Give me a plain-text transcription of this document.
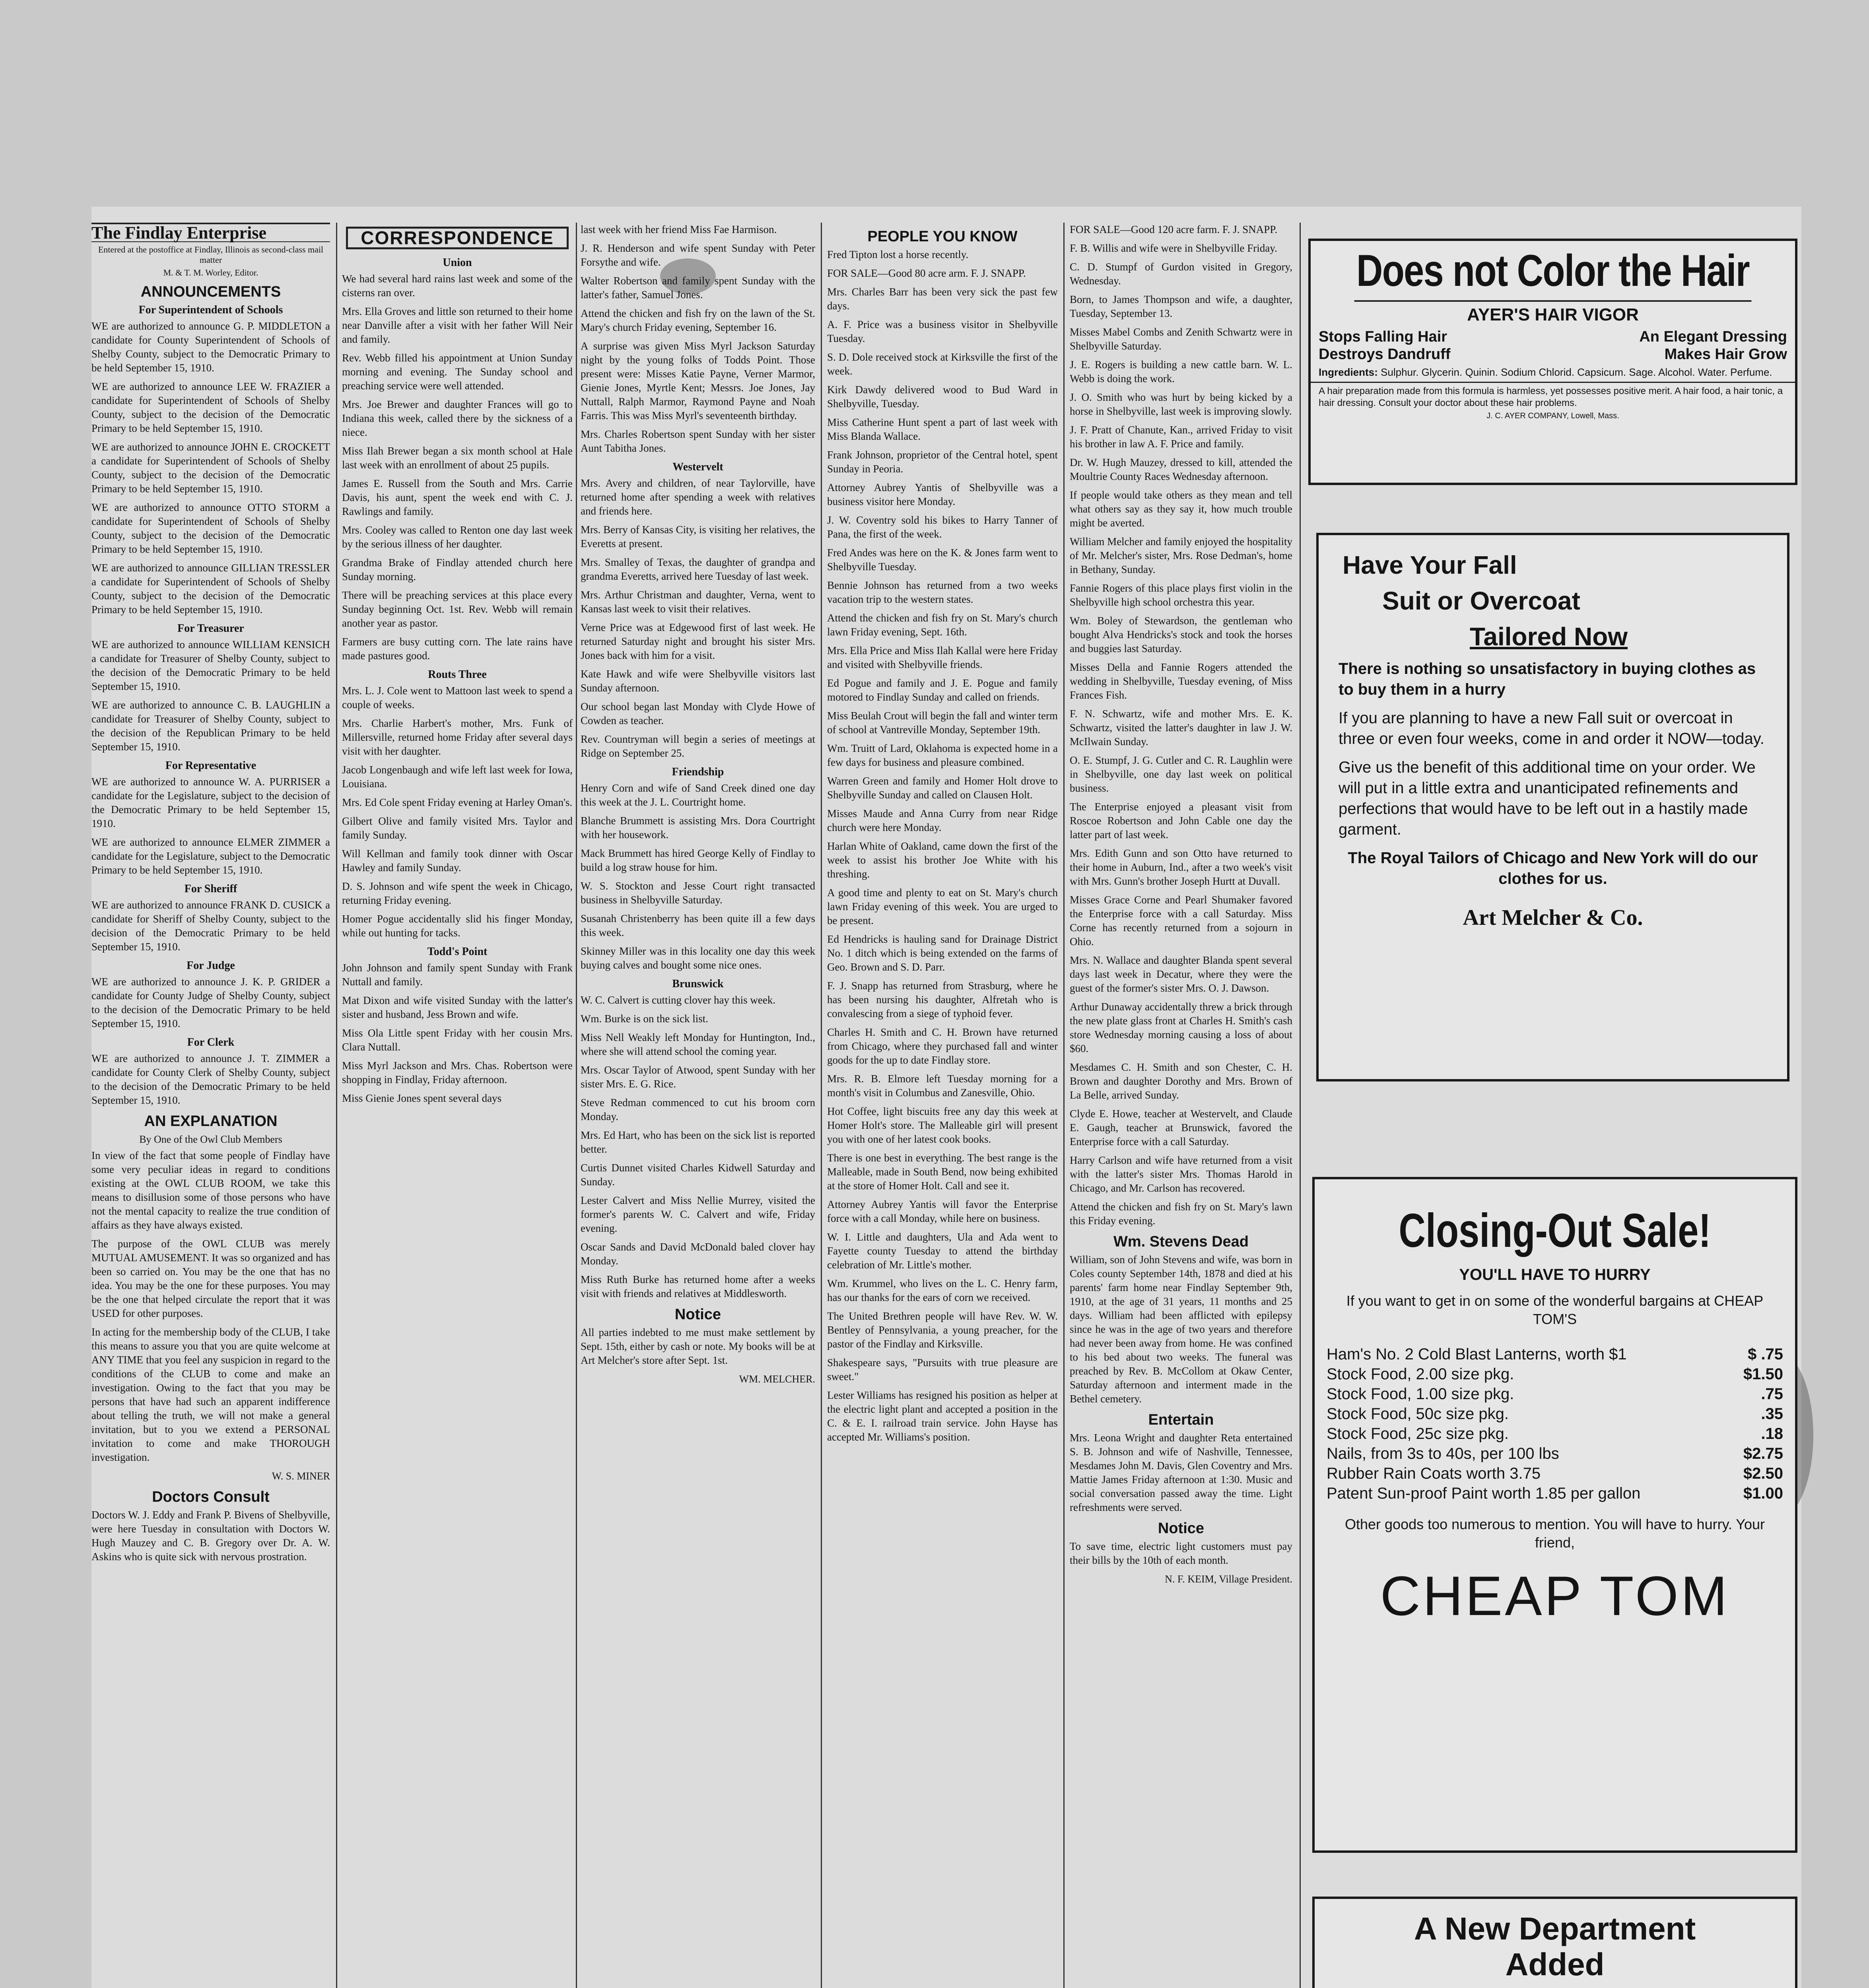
The Findlay Enterprise
Entered at the postoffice at Findlay, Illinois as second-class mail matter
M. & T. M. Worley, Editor.
ANNOUNCEMENTS
For Superintendent of Schools

WE are authorized to announce G. P. MIDDLETON a candidate for County Superintendent of Schools of Shelby County, subject to the Democratic Primary to be held September 15, 1910.

WE are authorized to announce LEE W. FRAZIER a candidate for Superintendent of Schools of Shelby County, subject to the decision of the Democratic Primary to be held September 15, 1910.

WE are authorized to announce JOHN E. CROCKETT a candidate for Superintendent of Schools of Shelby County, subject to the decision of the Democratic Primary to be held September 15, 1910.

WE are authorized to announce OTTO STORM a candidate for Superintendent of Schools of Shelby County, subject to the decision of the Democratic Primary to be held September 15, 1910.

WE are authorized to announce GILLIAN TRESSLER a candidate for Superintendent of Schools of Shelby County, subject to the decision of the Democratic Primary to be held September 15, 1910.

For Treasurer

WE are authorized to announce WILLIAM KENSICH a candidate for Treasurer of Shelby County, subject to the decision of the Democratic Primary to be held September 15, 1910.

WE are authorized to announce C. B. LAUGHLIN a candidate for Treasurer of Shelby County, subject to the decision of the Republican Primary to be held September 15, 1910.

For Representative

WE are authorized to announce W. A. PURRISER a candidate for the Legislature, subject to the decision of the Democratic Primary to be held September 15, 1910.

WE are authorized to announce ELMER ZIMMER a candidate for the Legislature, subject to the Democratic Primary to be held September 15, 1910.

For Sheriff

WE are authorized to announce FRANK D. CUSICK a candidate for Sheriff of Shelby County, subject to the decision of the Democratic Primary to be held September 15, 1910.

For Judge

WE are authorized to announce J. K. P. GRIDER a candidate for County Judge of Shelby County, subject to the decision of the Democratic Primary to be held September 15, 1910.

For Clerk

WE are authorized to announce J. T. ZIMMER a candidate for County Clerk of Shelby County, subject to the decision of the Democratic Primary to be held September 15, 1910.

AN EXPLANATION
By One of the Owl Club Members

In view of the fact that some people of Findlay have some very peculiar ideas in regard to conditions existing at the OWL CLUB ROOM, we take this means to disillusion some of those persons who have not the mental capacity to realize the true condition of affairs as they have always existed.

The purpose of the OWL CLUB was merely MUTUAL AMUSEMENT. It was so organized and has been so carried on. You may be the one that has no idea. You may be the one for these purposes. You may be the one that helped circulate the report that it was USED for other purposes.

In acting for the membership body of the CLUB, I take this means to assure you that you are quite welcome at ANY TIME that you feel any suspicion in regard to the conditions of the CLUB to come and make an investigation. Owing to the fact that you may be persons that have had such an apparent indifference about telling the truth, we will not make a general invitation, but to you we extend a PERSONAL invitation to come and make THOROUGH investigation.

W. S. MINER
Doctors Consult

Doctors W. J. Eddy and Frank P. Bivens of Shelbyville, were here Tuesday in consultation with Doctors W. Hugh Mauzey and C. B. Gregory over Dr. A. W. Askins who is quite sick with nervous prostration.

CORRESPONDENCE
Union

We had several hard rains last week and some of the cisterns ran over.

Mrs. Ella Groves and little son returned to their home near Danville after a visit with her father Will Neir and family.

Rev. Webb filled his appointment at Union Sunday morning and evening. The Sunday school and preaching service were well attended.

Mrs. Joe Brewer and daughter Frances will go to Indiana this week, called there by the sickness of a niece.

Miss Ilah Brewer began a six month school at Hale last week with an enrollment of about 25 pupils.

James E. Russell from the South and Mrs. Carrie Davis, his aunt, spent the week end with C. J. Rawlings and family.

Mrs. Cooley was called to Renton one day last week by the serious illness of her daughter.

Grandma Brake of Findlay attended church here Sunday morning.

There will be preaching services at this place every Sunday beginning Oct. 1st. Rev. Webb will remain another year as pastor.

Farmers are busy cutting corn. The late rains have made pastures good.

Routs Three

Mrs. L. J. Cole went to Mattoon last week to spend a couple of weeks.

Mrs. Charlie Harbert's mother, Mrs. Funk of Millersville, returned home Friday after several days visit with her daughter.

Jacob Longenbaugh and wife left last week for Iowa, Louisiana.

Mrs. Ed Cole spent Friday evening at Harley Oman's.

Gilbert Olive and family visited Mrs. Taylor and family Sunday.

Will Kellman and family took dinner with Oscar Hawley and family Sunday.

D. S. Johnson and wife spent the week in Chicago, returning Friday evening.

Homer Pogue accidentally slid his finger Monday, while out hunting for tacks.

Todd's Point

John Johnson and family spent Sunday with Frank Nuttall and family.

Mat Dixon and wife visited Sunday with the latter's sister and husband, Jess Brown and wife.

Miss Ola Little spent Friday with her cousin Mrs. Clara Nuttall.

Miss Myrl Jackson and Mrs. Chas. Robertson were shopping in Findlay, Friday afternoon.

Miss Gienie Jones spent several days

last week with her friend Miss Fae Harmison.

J. R. Henderson and wife spent Sunday with Peter Forsythe and wife.

Walter Robertson and family spent Sunday with the latter's father, Samuel Jones.

Attend the chicken and fish fry on the lawn of the St. Mary's church Friday evening, September 16.

A surprise was given Miss Myrl Jackson Saturday night by the young folks of Todds Point. Those present were: Misses Katie Payne, Verner Marmor, Gienie Jones, Myrtle Kent; Messrs. Joe Jones, Jay Nuttall, Ralph Marmor, Raymond Payne and Noah Farris. This was Miss Myrl's seventeenth birthday.

Mrs. Charles Robertson spent Sunday with her sister Aunt Tabitha Jones.

Westervelt

Mrs. Avery and children, of near Taylorville, have returned home after spending a week with relatives and friends here.

Mrs. Berry of Kansas City, is visiting her relatives, the Everetts at present.

Mrs. Smalley of Texas, the daughter of grandpa and grandma Everetts, arrived here Tuesday of last week.

Mrs. Arthur Christman and daughter, Verna, went to Kansas last week to visit their relatives.

Verne Price was at Edgewood first of last week. He returned Saturday night and brought his sister Mrs. Jones back with him for a visit.

Kate Hawk and wife were Shelbyville visitors last Sunday afternoon.

Our school began last Monday with Clyde Howe of Cowden as teacher.

Rev. Countryman will begin a series of meetings at Ridge on September 25.

Friendship

Henry Corn and wife of Sand Creek dined one day this week at the J. L. Courtright home.

Blanche Brummett is assisting Mrs. Dora Courtright with her housework.

Mack Brummett has hired George Kelly of Findlay to build a log straw house for him.

W. S. Stockton and Jesse Court right transacted business in Shelbyville Saturday.

Susanah Christenberry has been quite ill a few days this week.

Skinney Miller was in this locality one day this week buying calves and bought some nice ones.

Brunswick

W. C. Calvert is cutting clover hay this week.

Wm. Burke is on the sick list.

Miss Nell Weakly left Monday for Huntington, Ind., where she will attend school the coming year.

Mrs. Oscar Taylor of Atwood, spent Sunday with her sister Mrs. E. G. Rice.

Steve Redman commenced to cut his broom corn Monday.

Mrs. Ed Hart, who has been on the sick list is reported better.

Curtis Dunnet visited Charles Kidwell Saturday and Sunday.

Lester Calvert and Miss Nellie Murrey, visited the former's parents W. C. Calvert and wife, Friday evening.

Oscar Sands and David McDonald baled clover hay Monday.

Miss Ruth Burke has returned home after a weeks visit with friends and relatives at Middlesworth.

Notice

All parties indebted to me must make settlement by Sept. 15th, either by cash or note. My books will be at Art Melcher's store after Sept. 1st.

WM. MELCHER.
PEOPLE YOU KNOW

Fred Tipton lost a horse recently.

FOR SALE—Good 80 acre arm. F. J. SNAPP.

Mrs. Charles Barr has been very sick the past few days.

A. F. Price was a business visitor in Shelbyville Tuesday.

S. D. Dole received stock at Kirksville the first of the week.

Kirk Dawdy delivered wood to Bud Ward in Shelbyville, Tuesday.

Miss Catherine Hunt spent a part of last week with Miss Blanda Wallace.

Frank Johnson, proprietor of the Central hotel, spent Sunday in Peoria.

Attorney Aubrey Yantis of Shelbyville was a business visitor here Monday.

J. W. Coventry sold his bikes to Harry Tanner of Pana, the first of the week.

Fred Andes was here on the K. & Jones farm went to Shelbyville Tuesday.

Bennie Johnson has returned from a two weeks vacation trip to the western states.

Attend the chicken and fish fry on St. Mary's church lawn Friday evening, Sept. 16th.

Mrs. Ella Price and Miss Ilah Kallal were here Friday and visited with Shelbyville friends.

Ed Pogue and family and J. E. Pogue and family motored to Findlay Sunday and called on friends.

Miss Beulah Crout will begin the fall and winter term of school at Vantreville Monday, September 19th.

Wm. Truitt of Lard, Oklahoma is expected home in a few days for business and pleasure combined.

Warren Green and family and Homer Holt drove to Shelbyville Sunday and called on Clausen Holt.

Misses Maude and Anna Curry from near Ridge church were here Monday.

Harlan White of Oakland, came down the first of the week to assist his brother Joe White with his threshing.

A good time and plenty to eat on St. Mary's church lawn Friday evening of this week. You are urged to be present.

Ed Hendricks is hauling sand for Drainage District No. 1 ditch which is being extended on the farms of Geo. Brown and S. D. Parr.

F. J. Snapp has returned from Strasburg, where he has been nursing his daughter, Alfretah who is convalescing from a siege of typhoid fever.

Charles H. Smith and C. H. Brown have returned from Chicago, where they purchased fall and winter goods for the up to date Findlay store.

Mrs. R. B. Elmore left Tuesday morning for a month's visit in Columbus and Zanesville, Ohio.

Hot Coffee, light biscuits free any day this week at Homer Holt's store. The Malleable girl will present you with one of her latest cook books.

There is one best in everything. The best range is the Malleable, made in South Bend, now being exhibited at the store of Homer Holt. Call and see it.

Attorney Aubrey Yantis will favor the Enterprise force with a call Monday, while here on business.

W. I. Little and daughters, Ula and Ada went to Fayette county Tuesday to attend the birthday celebration of Mr. Little's mother.

Wm. Krummel, who lives on the L. C. Henry farm, has our thanks for the ears of corn we received.

The United Brethren people will have Rev. W. W. Bentley of Pennsylvania, a young preacher, for the pastor of the Findlay and Kirksville.

Shakespeare says, "Pursuits with true pleasure are sweet."

Lester Williams has resigned his position as helper at the electric light plant and accepted a position in the C. & E. I. railroad train service. John Hayse has accepted Mr. Williams's position.

FOR SALE—Good 120 acre farm. F. J. SNAPP.

F. B. Willis and wife were in Shelbyville Friday.

C. D. Stumpf of Gurdon visited in Gregory, Wednesday.

Born, to James Thompson and wife, a daughter, Tuesday, September 13.

Misses Mabel Combs and Zenith Schwartz were in Shelbyville Saturday.

J. E. Rogers is building a new cattle barn. W. L. Webb is doing the work.

J. O. Smith who was hurt by being kicked by a horse in Shelbyville, last week is improving slowly.

J. F. Pratt of Chanute, Kan., arrived Friday to visit his brother in law A. F. Price and family.

Dr. W. Hugh Mauzey, dressed to kill, attended the Moultrie County Races Wednesday afternoon.

If people would take others as they mean and tell what others say as they say it, how much trouble might be averted.

William Melcher and family enjoyed the hospitality of Mr. Melcher's sister, Mrs. Rose Dedman's, home in Bethany, Sunday.

Fannie Rogers of this place plays first violin in the Shelbyville high school orchestra this year.

Wm. Boley of Stewardson, the gentleman who bought Alva Hendricks's stock and took the horses and buggies last Saturday.

Misses Della and Fannie Rogers attended the wedding in Shelbyville, Tuesday evening, of Miss Frances Fish.

F. N. Schwartz, wife and mother Mrs. E. K. Schwartz, visited the latter's daughter in law J. W. McIlwain Sunday.

O. E. Stumpf, J. G. Cutler and C. R. Laughlin were in Shelbyville, one day last week on political business.

The Enterprise enjoyed a pleasant visit from Roscoe Robertson and John Cable one day the latter part of last week.

Mrs. Edith Gunn and son Otto have returned to their home in Auburn, Ind., after a two week's visit with Mrs. Gunn's brother Joseph Hurtt at Duvall.

Misses Grace Corne and Pearl Shumaker favored the Enterprise force with a call Saturday. Miss Corne has recently returned from a sojourn in Ohio.

Mrs. N. Wallace and daughter Blanda spent several days last week in Decatur, where they were the guest of the former's sister Mrs. O. J. Dawson.

Arthur Dunaway accidentally threw a brick through the new plate glass front at Charles H. Smith's cash store Wednesday morning causing a loss of about $60.

Mesdames C. H. Smith and son Chester, C. H. Brown and daughter Dorothy and Mrs. Brown of La Belle, arrived Sunday.

Clyde E. Howe, teacher at Westervelt, and Claude E. Gaugh, teacher at Brunswick, favored the Enterprise force with a call Saturday.

Harry Carlson and wife have returned from a visit with the latter's sister Mrs. Thomas Harold in Chicago, and Mr. Carlson has recovered.

Attend the chicken and fish fry on St. Mary's lawn this Friday evening.

Wm. Stevens Dead

William, son of John Stevens and wife, was born in Coles county September 14th, 1878 and died at his parents' farm home near Findlay September 9th, 1910, at the age of 31 years, 11 months and 25 days. William had been afflicted with epilepsy since he was in the age of two years and therefore had never been away from home. He was confined to his bed about two weeks. The funeral was preached by Rev. B. McCollom at Okaw Center, Saturday afternoon and interment made in the Bethel cemetery.

Entertain

Mrs. Leona Wright and daughter Reta entertained S. B. Johnson and wife of Nashville, Tennessee, Mesdames John M. Davis, Glen Coventry and Mrs. Mattie James Friday afternoon at 1:30. Music and social conversation passed away the time. Light refreshments were served.

Notice

To save time, electric light customers must pay their bills by the 10th of each month.

N. F. KEIM, Village President.
Does not Color the Hair
AYER'S HAIR VIGOR
Stops Falling Hair
Destroys Dandruff
An Elegant Dressing
Makes Hair Grow
Ingredients: Sulphur. Glycerin. Quinin. Sodium Chlorid. Capsicum. Sage. Alcohol. Water. Perfume.
A hair preparation made from this formula is harmless, yet possesses positive merit. A hair food, a hair tonic, a hair dressing. Consult your doctor about these hair problems.
J. C. AYER COMPANY, Lowell, Mass.
Have Your Fall
Suit or Overcoat
Tailored Now
There is nothing so unsatisfactory in buying clothes as to buy them in a hurry
If you are planning to have a new Fall suit or overcoat in three or even four weeks, come in and order it NOW—today.
Give us the benefit of this additional time on your order. We will put in a little extra and unanticipated refinements and perfections that would have to be left out in a hastily made garment.
The Royal Tailors of Chicago and New York will do our clothes for us.
Art Melcher & Co.
Closing-Out Sale!
YOU'LL HAVE TO HURRY
If you want to get in on some of the wonderful bargains at CHEAP TOM'S
Ham's No. 2 Cold Blast Lanterns, worth $1	$ .75
Stock Food, 2.00 size pkg.	$1.50
Stock Food, 1.00 size pkg.	.75
Stock Food, 50c size pkg.	.35
Stock Food, 25c size pkg.	.18
Nails, from 3s to 40s, per 100 lbs	$2.75
Rubber Rain Coats worth 3.75	$2.50
Patent Sun-proof Paint worth 1.85 per gallon	$1.00
Other goods too numerous to mention. You will have to hurry. Your friend,
CHEAP TOM
A New Department
Added
